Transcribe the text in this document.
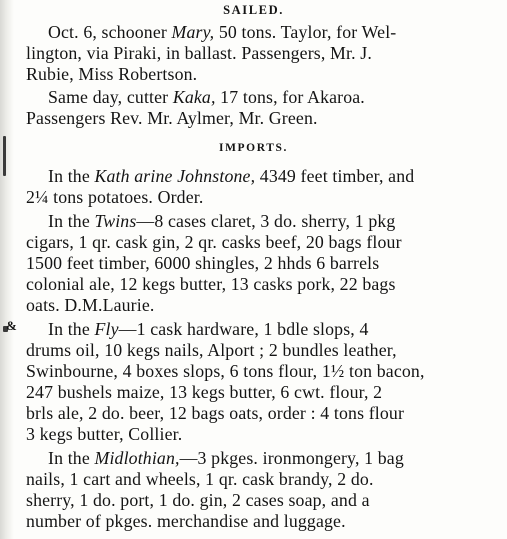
SAILED.
IMPORTS.
&
Oct. 6, schooner Mary, 50 tons. Taylor, for Wel-
lington, via Piraki, in ballast. Passengers, Mr. J.
Rubie, Miss Robertson.
Same day, cutter Kaka, 17 tons, for Akaroa.
Passengers Rev. Mr. Aylmer, Mr. Green.
In the Kath arine Johnstone, 4349 feet timber, and
2¼ tons potatoes. Order.
In the Twins—8 cases claret, 3 do. sherry, 1 pkg
cigars, 1 qr. cask gin, 2 qr. casks beef, 20 bags flour
1500 feet timber, 6000 shingles, 2 hhds 6 barrels
colonial ale, 12 kegs butter, 13 casks pork, 22 bags
oats. D.M.Laurie.
In the Fly—1 cask hardware, 1 bdle slops, 4
drums oil, 10 kegs nails, Alport ; 2 bundles leather,
Swinbourne, 4 boxes slops, 6 tons flour, 1½ ton bacon,
247 bushels maize, 13 kegs butter, 6 cwt. flour, 2
brls ale, 2 do. beer, 12 bags oats, order : 4 tons flour
3 kegs butter, Collier.
In the Midlothian,—3 pkges. ironmongery, 1 bag
nails, 1 cart and wheels, 1 qr. cask brandy, 2 do.
sherry, 1 do. port, 1 do. gin, 2 cases soap, and a
number of pkges. merchandise and luggage.
